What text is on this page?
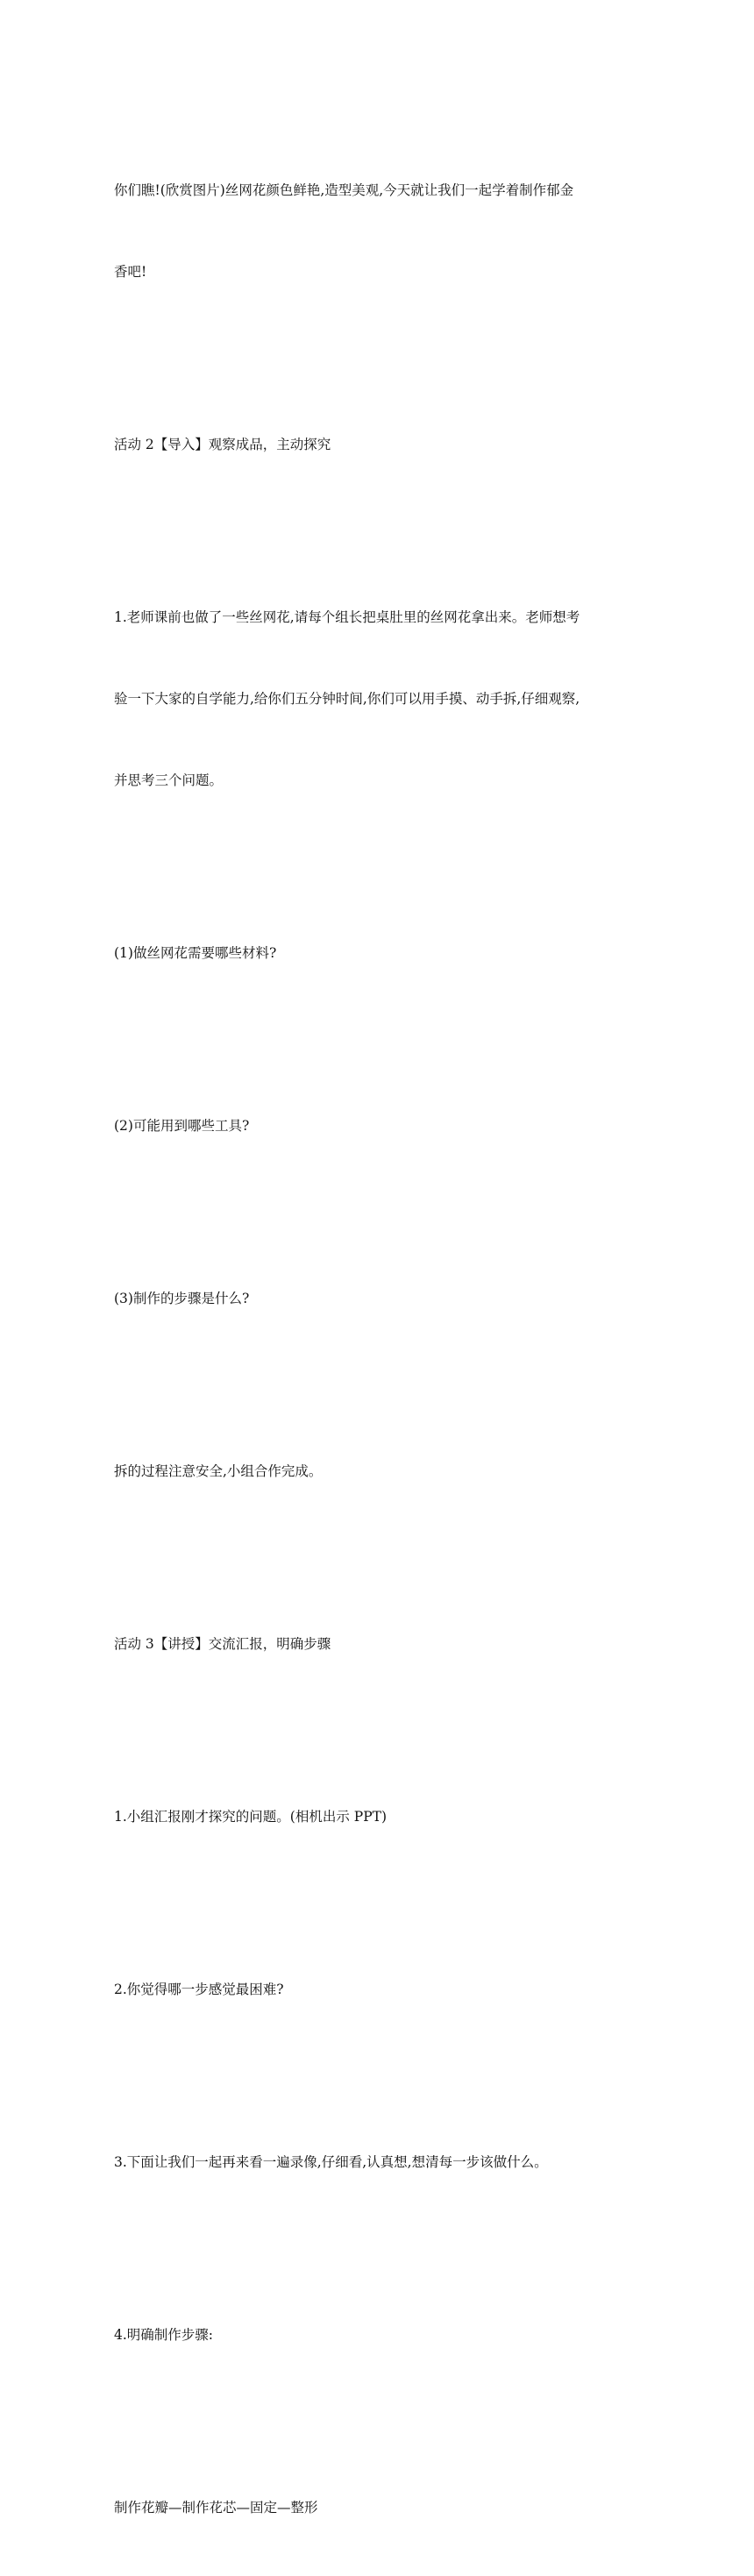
你们瞧!(欣赏图片)丝网花颜色鲜艳,造型美观,今天就让我们一起学着制作郁金

香吧!

活动 2【导入】观察成品，主动探究

1.老师课前也做了一些丝网花,请每个组长把桌肚里的丝网花拿出来。老师想考

验一下大家的自学能力,给你们五分钟时间,你们可以用手摸、动手拆,仔细观察,

并思考三个问题。

(1)做丝网花需要哪些材料?

(2)可能用到哪些工具?

(3)制作的步骤是什么?

拆的过程注意安全,小组合作完成。

活动 3【讲授】交流汇报，明确步骤

1.小组汇报刚才探究的问题。(相机出示 PPT)

2.你觉得哪一步感觉最困难?

3.下面让我们一起再来看一遍录像,仔细看,认真想,想清每一步该做什么。

4.明确制作步骤:

制作花瓣—制作花芯—固定—整形
